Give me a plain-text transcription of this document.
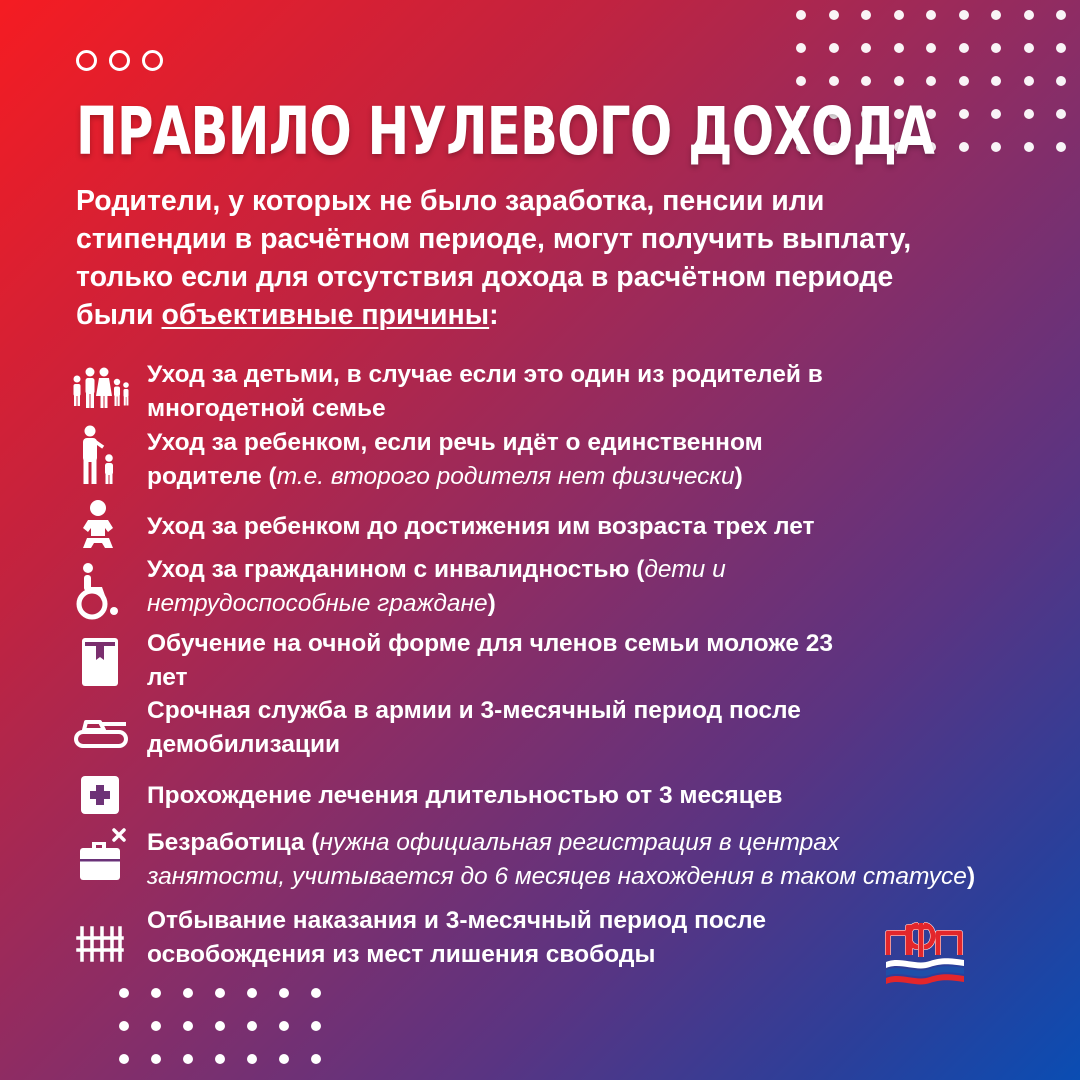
ПРАВИЛО НУЛЕВОГО ДОХОДА

Родители, у которых не было заработка, пенсии или
стипендии в расчётном периоде, могут получить выплату,
только если для отсутствия дохода в расчётном периоде
были объективные причины:

Уход за детьми, в случае если это один из родителей в
многодетной семье
Уход за ребенком, если речь идёт о единственном
родителе (т.е. второго родителя нет физически)
Уход за ребенком до достижения им возраста трех лет
Уход за гражданином с инвалидностью (дети и
нетрудоспособные граждане)
Обучение на очной форме для членов семьи моложе 23
лет
Срочная служба в армии и 3-месячный период после
демобилизации
Прохождение лечения длительностью от 3 месяцев
Безработица (нужна официальная регистрация в центрах
занятости, учитывается до 6 месяцев нахождения в таком статусе)
Отбывание наказания и 3-месячный период после
освобождения из мест лишения свободы
